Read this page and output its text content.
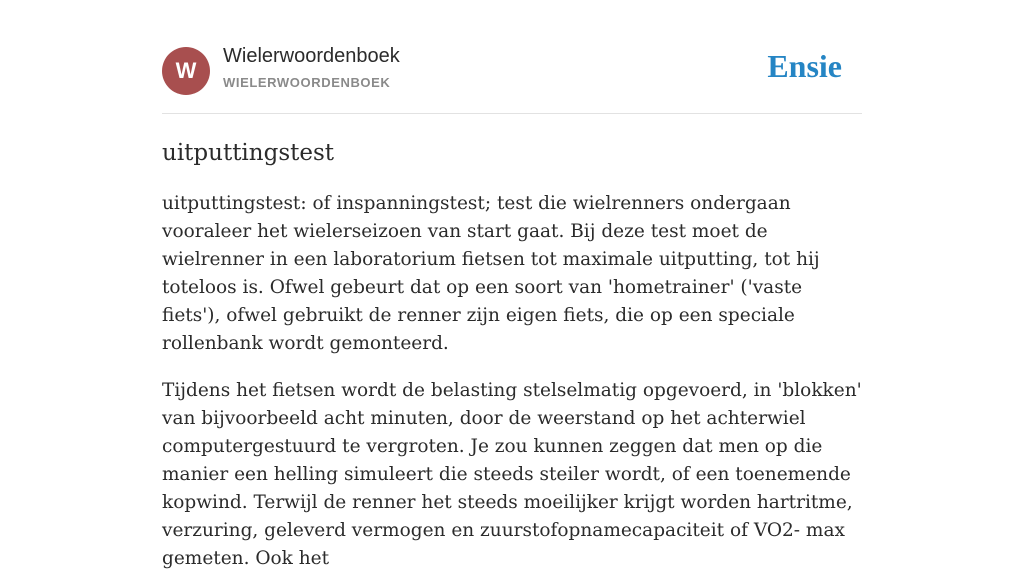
W
Wielerwoordenboek
WIELERWOORDENBOEK	Ensie
uitputtingstest

uitputtingstest: of inspanningstest; test die wielrenners ondergaan vooraleer het wielerseizoen van start gaat. Bij deze test moet de wielrenner in een laboratorium fietsen tot maximale uitputting, tot hij toteloos is. Ofwel gebeurt dat op een soort van 'hometrainer' ('vaste fiets'), ofwel gebruikt de renner zijn eigen fiets, die op een speciale rollenbank wordt gemonteerd.

Tijdens het fietsen wordt de belasting stelselmatig opgevoerd, in 'blokken' van bijvoorbeeld acht minuten, door de weerstand op het achterwiel computergestuurd te vergroten. Je zou kunnen zeggen dat men op die manier een helling simuleert die steeds steiler wordt, of een toenemende kopwind. Terwijl de renner het steeds moeilijker krijgt worden hartritme, verzuring, geleverd vermogen en zuurstofopnamecapaciteit of VO2- max gemeten. Ook het
